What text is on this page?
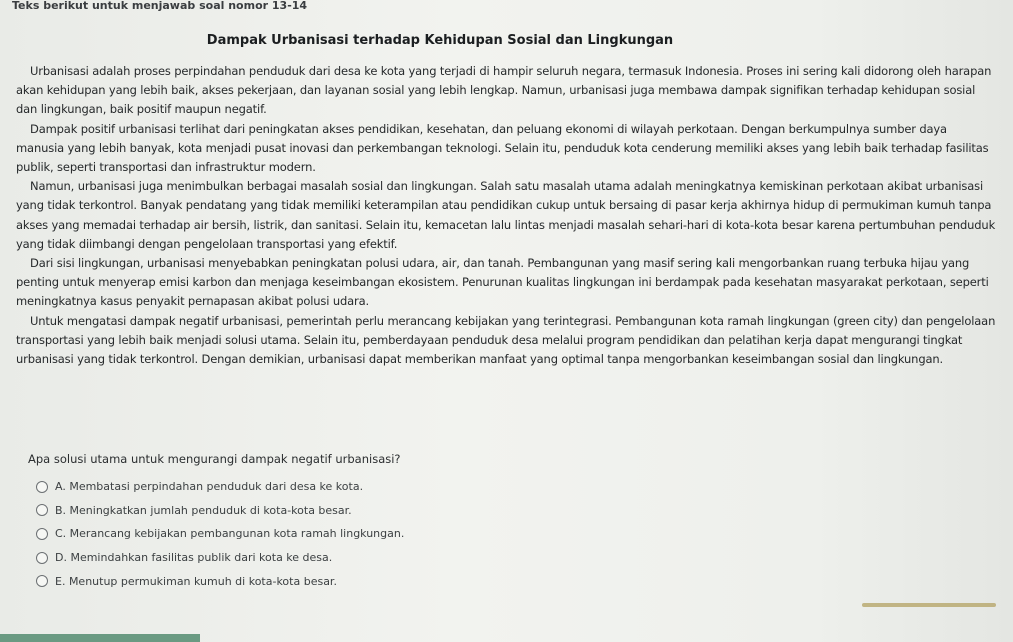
Teks berikut untuk menjawab soal nomor 13-14
Dampak Urbanisasi terhadap Kehidupan Sosial dan Lingkungan

Urbanisasi adalah proses perpindahan penduduk dari desa ke kota yang terjadi di hampir seluruh negara, termasuk Indonesia. Proses ini sering kali didorong oleh harapan akan kehidupan yang lebih baik, akses pekerjaan, dan layanan sosial yang lebih lengkap. Namun, urbanisasi juga membawa dampak signifikan terhadap kehidupan sosial dan lingkungan, baik positif maupun negatif.

Dampak positif urbanisasi terlihat dari peningkatan akses pendidikan, kesehatan, dan peluang ekonomi di wilayah perkotaan. Dengan berkumpulnya sumber daya manusia yang lebih banyak, kota menjadi pusat inovasi dan perkembangan teknologi. Selain itu, penduduk kota cenderung memiliki akses yang lebih baik terhadap fasilitas publik, seperti transportasi dan infrastruktur modern.

Namun, urbanisasi juga menimbulkan berbagai masalah sosial dan lingkungan. Salah satu masalah utama adalah meningkatnya kemiskinan perkotaan akibat urbanisasi yang tidak terkontrol. Banyak pendatang yang tidak memiliki keterampilan atau pendidikan cukup untuk bersaing di pasar kerja akhirnya hidup di permukiman kumuh tanpa akses yang memadai terhadap air bersih, listrik, dan sanitasi. Selain itu, kemacetan lalu lintas menjadi masalah sehari-hari di kota-kota besar karena pertumbuhan penduduk yang tidak diimbangi dengan pengelolaan transportasi yang efektif.

Dari sisi lingkungan, urbanisasi menyebabkan peningkatan polusi udara, air, dan tanah. Pembangunan yang masif sering kali mengorbankan ruang terbuka hijau yang penting untuk menyerap emisi karbon dan menjaga keseimbangan ekosistem. Penurunan kualitas lingkungan ini berdampak pada kesehatan masyarakat perkotaan, seperti meningkatnya kasus penyakit pernapasan akibat polusi udara.

Untuk mengatasi dampak negatif urbanisasi, pemerintah perlu merancang kebijakan yang terintegrasi. Pembangunan kota ramah lingkungan (green city) dan pengelolaan transportasi yang lebih baik menjadi solusi utama. Selain itu, pemberdayaan penduduk desa melalui program pendidikan dan pelatihan kerja dapat mengurangi tingkat urbanisasi yang tidak terkontrol. Dengan demikian, urbanisasi dapat memberikan manfaat yang optimal tanpa mengorbankan keseimbangan sosial dan lingkungan.

Apa solusi utama untuk mengurangi dampak negatif urbanisasi?
A. Membatasi perpindahan penduduk dari desa ke kota.
B. Meningkatkan jumlah penduduk di kota-kota besar.
C. Merancang kebijakan pembangunan kota ramah lingkungan.
D. Memindahkan fasilitas publik dari kota ke desa.
E. Menutup permukiman kumuh di kota-kota besar.
